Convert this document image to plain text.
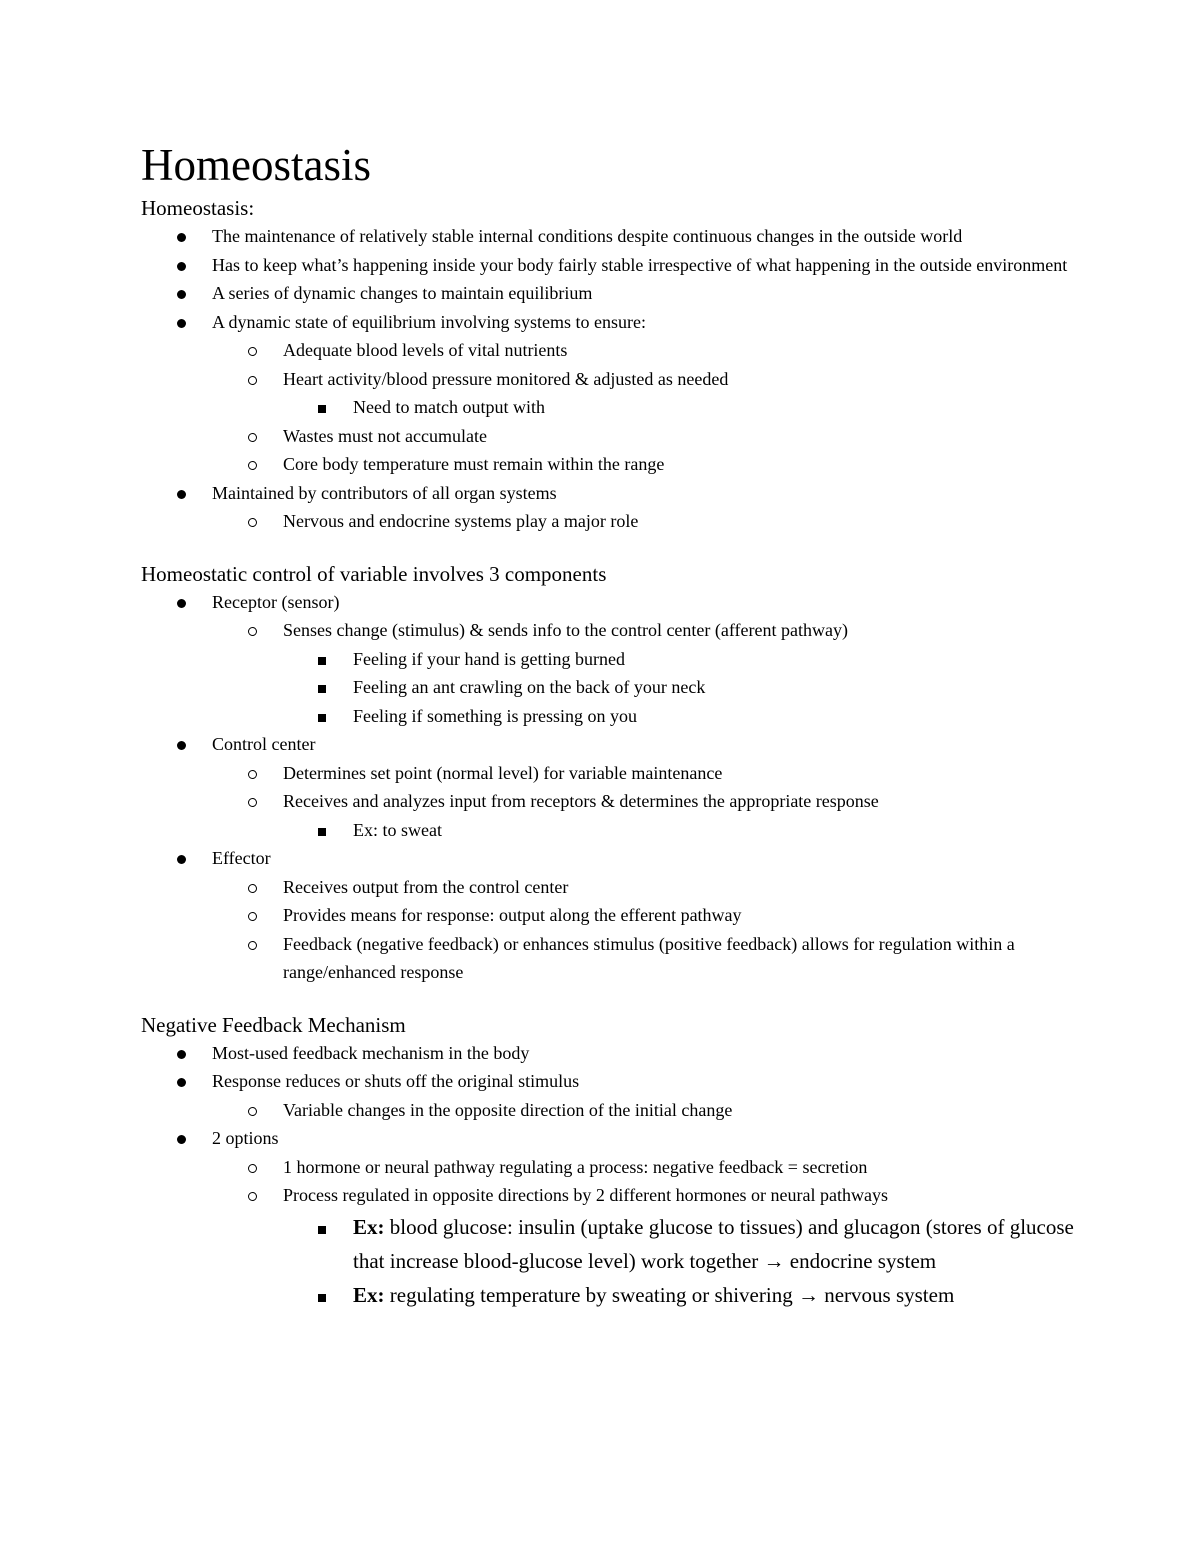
Homeostasis
Homeostasis:
The maintenance of relatively stable internal conditions despite continuous changes in the outside world
Has to keep what’s happening inside your body fairly stable irrespective of what happening in the outside environment
A series of dynamic changes to maintain equilibrium
A dynamic state of equilibrium involving systems to ensure:
Adequate blood levels of vital nutrients
Heart activity/blood pressure monitored & adjusted as needed
Need to match output with
Wastes must not accumulate
Core body temperature must remain within the range
Maintained by contributors of all organ systems
Nervous and endocrine systems play a major role
Homeostatic control of variable involves 3 components
Receptor (sensor)
Senses change (stimulus) & sends info to the control center (afferent pathway)
Feeling if your hand is getting burned
Feeling an ant crawling on the back of your neck
Feeling if something is pressing on you
Control center
Determines set point (normal level) for variable maintenance
Receives and analyzes input from receptors & determines the appropriate response
Ex: to sweat
Effector
Receives output from the control center
Provides means for response: output along the efferent pathway
Feedback (negative feedback) or enhances stimulus (positive feedback) allows for regulation within a range/enhanced response
Negative Feedback Mechanism
Most-used feedback mechanism in the body
Response reduces or shuts off the original stimulus
Variable changes in the opposite direction of the initial change
2 options
1 hormone or neural pathway regulating a process: negative feedback = secretion
Process regulated in opposite directions by 2 different hormones or neural pathways
Ex: blood glucose: insulin (uptake glucose to tissues) and glucagon (stores of glucose that increase blood-glucose level) work together → endocrine system
Ex: regulating temperature by sweating or shivering → nervous system
